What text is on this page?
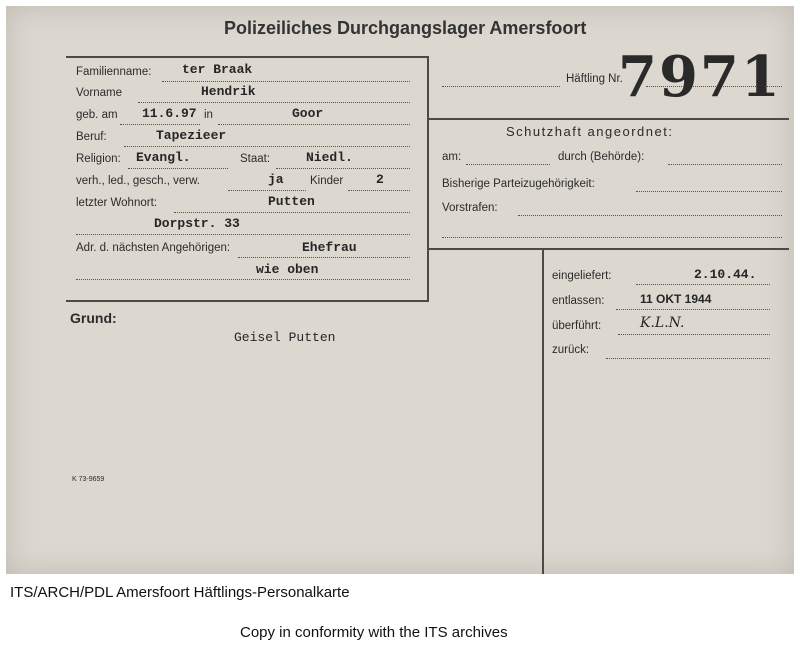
Polizeiliches Durchgangslager Amersfoort
Familienname: ter Braak
Vorname	Hendrik
geb. am 11.6.97 in	Goor
Beruf:	Tapezieer
Religion: Evangl.	Staat:	Niedl.
verh., led., gesch., verw.	ja Kinder	2
letzter Wohnort:	Putten
Dorpstr. 33
Adr. d. nächsten Angehörigen:	Ehefrau
wie oben
Häftling Nr.
7971
Schutzhaft angeordnet:
am:	durch (Behörde):
Bisherige Parteizugehörigkeit:
Vorstrafen:
eingeliefert:	2.10.44.
entlassen:	11 OKT 1944
überführt:	K.L.N.
zurück:
Grund:
Geisel Putten
K 73-9659
ITS/ARCH/PDL Amersfoort Häftlings-Personalkarte
Copy in conformity with the ITS archives
